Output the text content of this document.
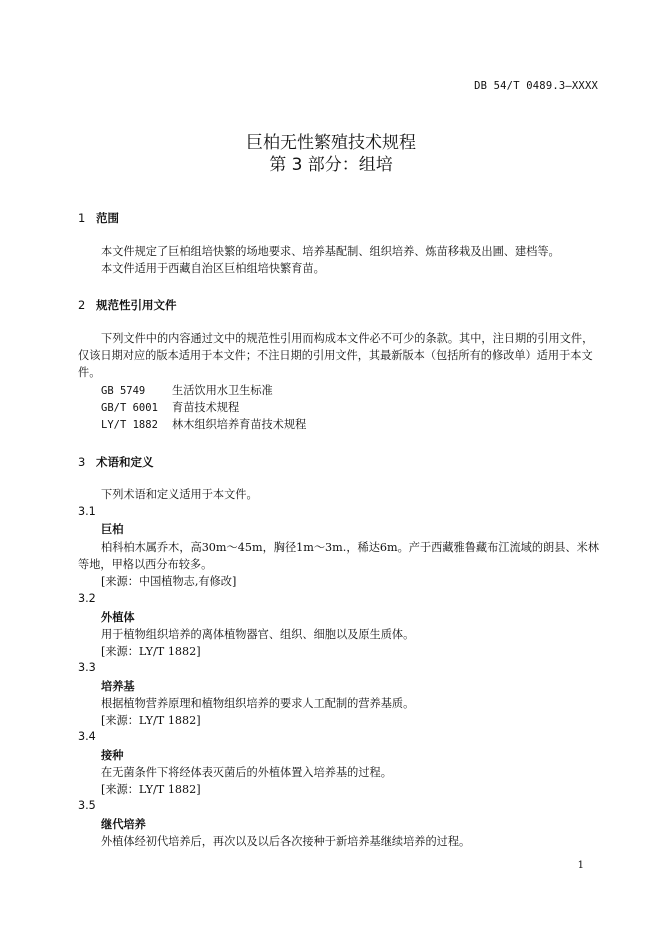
DB 54/T 0489.3—XXXX
巨柏无性繁殖技术规程
第 3 部分：组培
1 范围
本文件规定了巨柏组培快繁的场地要求、培养基配制、组织培养、炼苗移栽及出圃、建档等。
本文件适用于西藏自治区巨柏组培快繁育苗。
2 规范性引用文件
下列文件中的内容通过文中的规范性引用而构成本文件必不可少的条款。其中，注日期的引用文件，仅该日期对应的版本适用于本文件；不注日期的引用文件，其最新版本（包括所有的修改单）适用于本文件。
GB 5749 生活饮用水卫生标准
GB/T 6001 育苗技术规程
LY/T 1882 林木组织培养育苗技术规程
3 术语和定义
下列术语和定义适用于本文件。
3.1
巨柏
柏科柏木属乔木，高30m～45m，胸径1m～3m.，稀达6m。产于西藏雅鲁藏布江流域的朗县、米林等地，甲格以西分布较多。
[来源：中国植物志,有修改]
3.2
外植体
用于植物组织培养的离体植物器官、组织、细胞以及原生质体。
[来源：LY/T 1882]
3.3
培养基
根据植物营养原理和植物组织培养的要求人工配制的营养基质。
[来源：LY/T 1882]
3.4
接种
在无菌条件下将经体表灭菌后的外植体置入培养基的过程。
[来源：LY/T 1882]
3.5
继代培养
外植体经初代培养后，再次以及以后各次接种于新培养基继续培养的过程。
1
